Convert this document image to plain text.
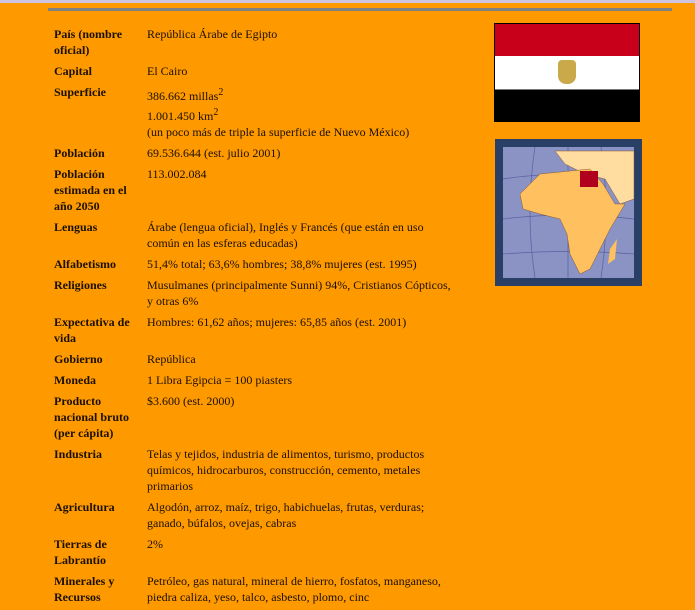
País (nombre oficial)	República Árabe de Egipto
Capital	El Cairo
Superficie	386.662 millas$^2$
1.001.450 $km^2$
(un poco más de triple la superficie de Nuevo México)

Población	69.536.644 (est. julio 2001)
Población estimada en el año 2050	113.002.084
Lenguas	Árabe (lengua oficial), Inglés y Francés (que están en uso común en las esferas educadas)
Alfabetismo	51,4% total; 63,6% hombres; 38,8% mujeres (est. 1995)
Religiones	Musulmanes (principalmente Sunni) 94%, Cristianos Cópticos, y otras 6%
Expectativa de vida	Hombres: 61,62 años; mujeres: 65,85 años (est. 2001)
Gobierno	República
Moneda	1 Libra Egipcia = 100 piasters
Producto nacional bruto (per cápita)	$3.600 (est. 2000)
Industria	Telas y tejidos, industria de alimentos, turismo, productos químicos, hidrocarburos, construcción, cemento, metales primarios
Agricultura	Algodón, arroz, maíz, trigo, habichuelas, frutas, verduras; ganado, búfalos, ovejas, cabras
Tierras de Labrantío	2%
Minerales y Recursos	Petróleo, gas natural, mineral de hierro, fosfatos, manganeso, piedra caliza, yeso, talco, asbesto, plomo, cinc
